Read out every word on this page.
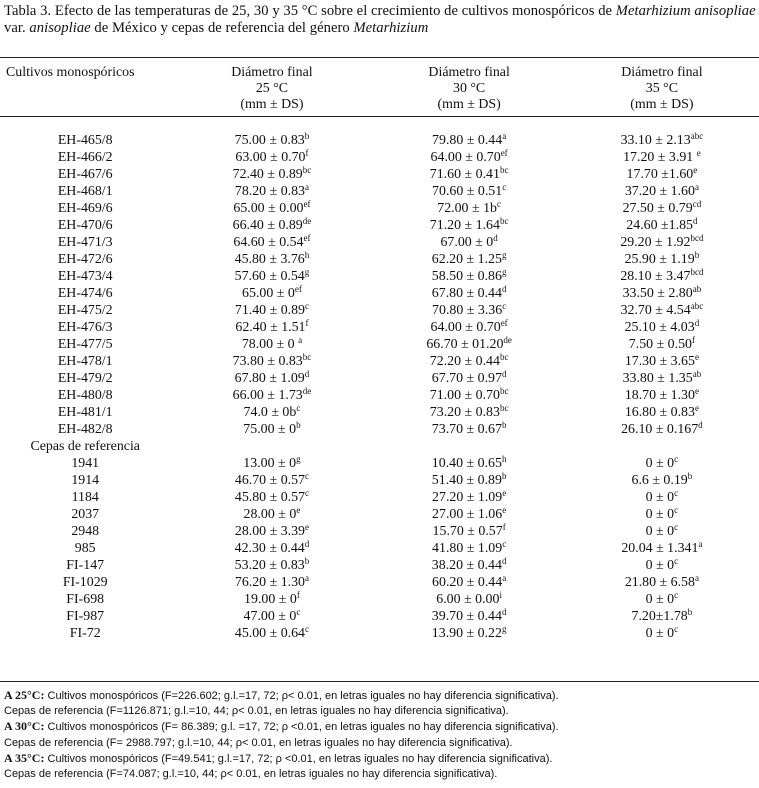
Tabla 3. Efecto de las temperaturas de 25, 30 y 35 °C sobre el crecimiento de cultivos monospóricos de Metarhizium anisopliae var. anisopliae de México y cepas de referencia del género Metarhizium
Cultivos monospóricos	Diámetro final	Diámetro final	Diámetro final
	25 °C	30 °C	35 °C
	(mm ± DS)	(mm ± DS)	(mm ± DS)

EH-465/8	75.00 ± 0.83$^b$	79.80 ± 0.44$^a$	33.10 ± 2.13$^{abc}$
EH-466/2	63.00 ± 0.70$^f$	64.00 ± 0.70$^{ef}$	17.20 ± 3.91 $^e$
EH-467/6	72.40 ± 0.89$^{bc}$	71.60 ± 0.41$^{bc}$	17.70 ±1.60$^e$
EH-468/1	78.20 ± 0.83$^a$	70.60 ± 0.51$^c$	37.20 ± 1.60$^a$
EH-469/6	65.00 ± 0.00$^{ef}$	$72.00 \pm 1b^c$	27.50 ± 0.79$^{cd}$
EH-470/6	66.40 ± 0.89de	71.20 ± 1.64$^{bc}$	24.60 ±1.85$^d$
EH-471/3	64.60 ± 0.54$^{ef}$	$67.00 \pm 0^d$	29.20 ± 1.92$^{bcd}$
EH-472/6	45.80 ± 3.76$^h$	62.20 ± 1.25$^g$	25.90 ± 1.19$^b$
EH-473/4	57.60 ± 0.54$^g$	58.50 ± 0.86$^g$	28.10 ± 3.47$^{bcd}$
EH-474/6	$65.00 \pm 0^{ef}$	67.80 ± 0.44$^d$	33.50 ± 2.80$^{ab}$
EH-475/2	71.40 ± 0.89$^c$	70.80 ± 3.36$^c$	32.70 ± 4.54$^{abc}$
EH-476/3	62.40 ± 1.51$^f$	64.00 ± 0.70$^{ef}$	25.10 ± 4.03$^d$
EH-477/5	78.00 ± 0 $^a$	66.70 ± 01.20de	7.50 ± 0.50$^f$
EH-478/1	73.80 ± 0.83$^{bc}$	72.20 ± 0.44$^{bc}$	17.30 ± 3.65$^e$
EH-479/2	67.80 ± 1.09$^d$	67.70 ± 0.97$^d$	33.80 ± 1.35$^{ab}$
EH-480/8	66.00 ± 1.73de	71.00 ± 0.70$^{bc}$	18.70 ± 1.30$^e$
EH-481/1	$74.0 \pm 0b^c$	73.20 ± 0.83$^{bc}$	16.80 ± 0.83$^e$
EH-482/8	$75.00 \pm 0^b$	73.70 ± 0.67$^b$	26.10 ± 0.167$^d$
Cepas de referencia			
1941	$13.00 \pm 0^g$	10.40 ± 0.65$^h$	$0 \pm 0^c$
1914	46.70 ± 0.57$^c$	51.40 ± 0.89$^b$	6.6 ± 0.19$^b$
1184	45.80 ± 0.57$^c$	27.20 ± 1.09$^e$	$0 \pm 0^c$
2037	$28.00 \pm 0^e$	27.00 ± 1.06$^e$	$0 \pm 0^c$
2948	28.00 ± 3.39$^e$	15.70 ± 0.57$^f$	$0 \pm 0^c$
985	42.30 ± 0.44$^d$	41.80 ± 1.09$^c$	20.04 ± 1.341$^a$
FI-147	53.20 ± 0.83$^b$	38.20 ± 0.44$^d$	$0 \pm 0^c$
FI-1029	76.20 ± 1.30$^a$	60.20 ± 0.44$^a$	21.80 ± 6.58$^a$
FI-698	$19.00 \pm 0^f$	$6.00 \pm 0.00^i$	$0 \pm 0^c$
FI-987	$47.00 \pm 0^c$	39.70 ± 0.44$^d$	7.20±1.78$^b$
FI-72	45.00 ± 0.64$^c$	13.90 ± 0.22$^g$	$0 \pm 0^c$
A 25°C: Cultivos monospóricos (F=226.602; g.l.=17, 72; ρ< 0.01, en letras iguales no hay diferencia significativa).
Cepas de referencia (F=1126.871; g.l.=10, 44; ρ< 0.01, en letras iguales no hay diferencia significativa).
A 30°C: Cultivos monospóricos (F= 86.389; g.l. =17, 72; ρ <0.01, en letras iguales no hay diferencia significativa).
Cepas de referencia (F= 2988.797; g.l.=10, 44; ρ< 0.01, en letras iguales no hay diferencia significativa).
A 35°C: Cultivos monospóricos (F=49.541; g.l.=17, 72; ρ <0.01, en letras iguales no hay diferencia significativa).
Cepas de referencia (F=74.087; g.l.=10, 44; ρ< 0.01, en letras iguales no hay diferencia significativa).
